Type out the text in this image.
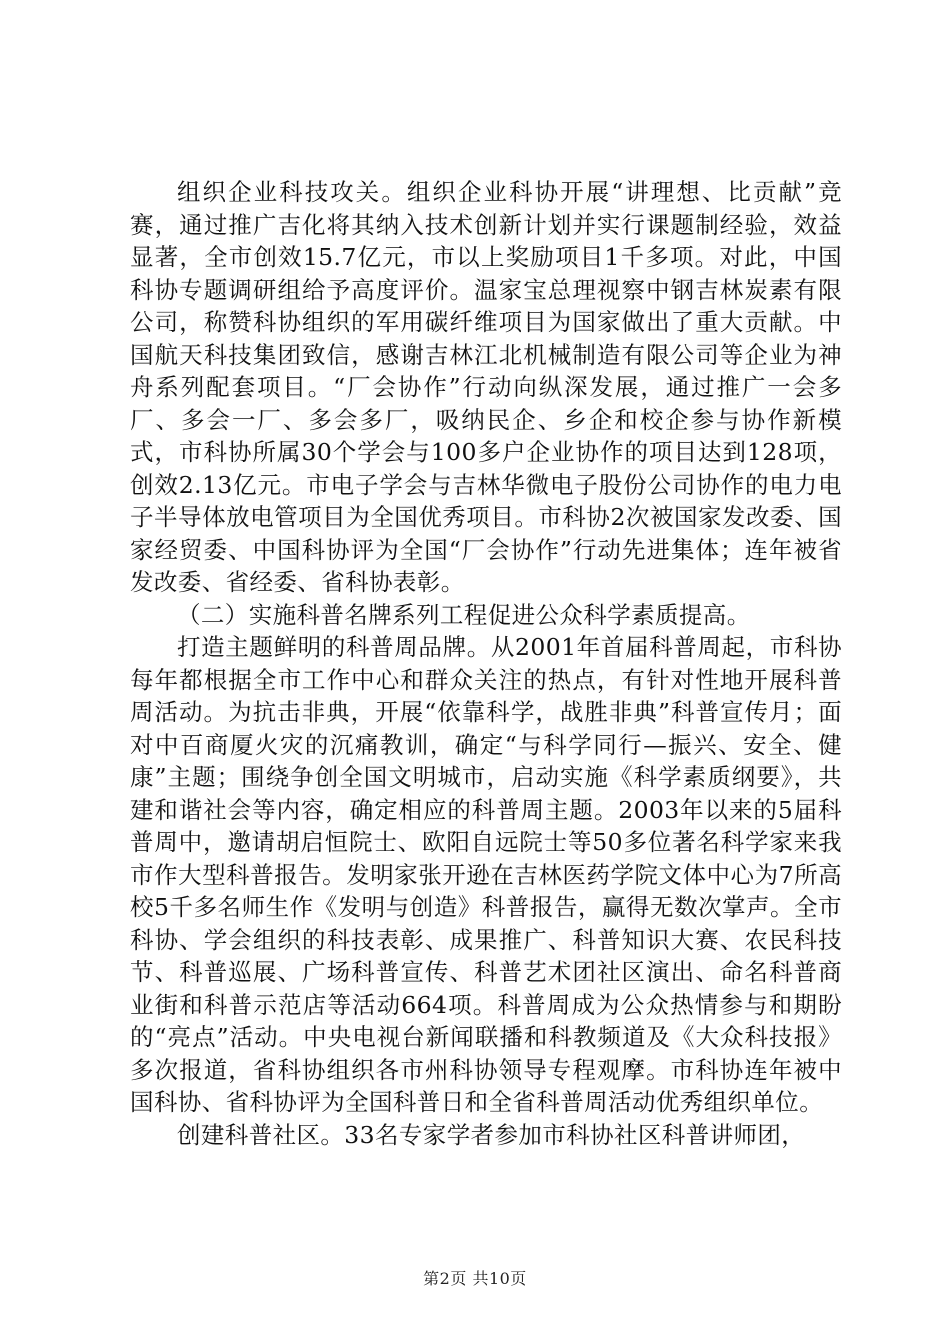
组织企业科技攻关。组织企业科协开展“讲理想、比贡献”竞赛，通过推广吉化将其纳入技术创新计划并实行课题制经验，效益显著，全市创效15.7亿元，市以上奖励项目1千多项。对此，中国科协专题调研组给予高度评价。温家宝总理视察中钢吉林炭素有限公司，称赞科协组织的军用碳纤维项目为国家做出了重大贡献。中国航天科技集团致信，感谢吉林江北机械制造有限公司等企业为神舟系列配套项目。“厂会协作”行动向纵深发展，通过推广一会多厂、多会一厂、多会多厂，吸纳民企、乡企和校企参与协作新模式，市科协所属30个学会与100多户企业协作的项目达到128项，创效2.13亿元。市电子学会与吉林华微电子股份公司协作的电力电子半导体放电管项目为全国优秀项目。市科协2次被国家发改委、国家经贸委、中国科协评为全国“厂会协作”行动先进集体；连年被省发改委、省经委、省科协表彰。

（二）实施科普名牌系列工程促进公众科学素质提高。

打造主题鲜明的科普周品牌。从2001年首届科普周起，市科协每年都根据全市工作中心和群众关注的热点，有针对性地开展科普周活动。为抗击非典，开展“依靠科学，战胜非典”科普宣传月；面对中百商厦火灾的沉痛教训，确定“与科学同行—振兴、安全、健康”主题；围绕争创全国文明城市，启动实施《科学素质纲要》，共建和谐社会等内容，确定相应的科普周主题。2003年以来的5届科普周中，邀请胡启恒院士、欧阳自远院士等50多位著名科学家来我市作大型科普报告。发明家张开逊在吉林医药学院文体中心为7所高校5千多名师生作《发明与创造》科普报告，赢得无数次掌声。全市科协、学会组织的科技表彰、成果推广、科普知识大赛、农民科技节、科普巡展、广场科普宣传、科普艺术团社区演出、命名科普商业街和科普示范店等活动664项。科普周成为公众热情参与和期盼的“亮点”活动。中央电视台新闻联播和科教频道及《大众科技报》多次报道，省科协组织各市州科协领导专程观摩。市科协连年被中国科协、省科协评为全国科普日和全省科普周活动优秀组织单位。

创建科普社区。33名专家学者参加市科协社区科普讲师团，

第2页 共10页
